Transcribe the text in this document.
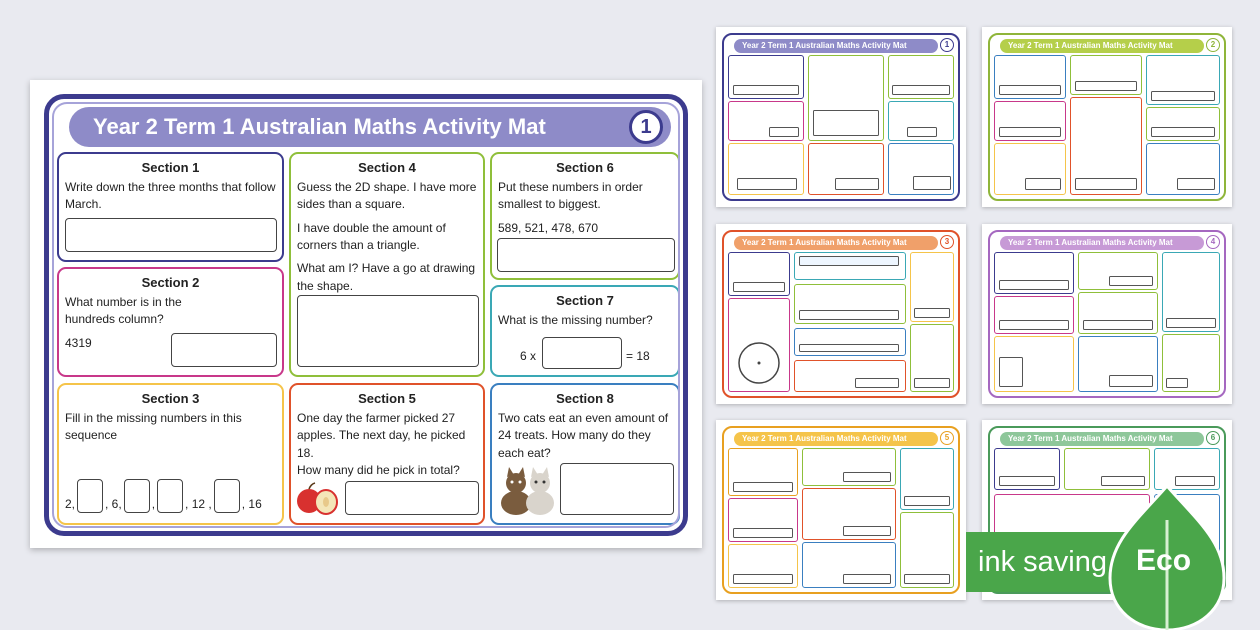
Year 2 Term 1 Australian Maths Activity Mat	1
Section 1

Write down the three months that follow March.

Section 2

What number is in the hundreds column?

4319

Section 3

Fill in the missing numbers in this sequence

2,	, 6,	,	, 12 ,	, 16
Section 4

Guess the 2D shape. I have more sides than a square.

I have double the amount of corners than a triangle.

What am I? Have a go at drawing the shape.

Section 5

One day the farmer picked 27 apples. The next day, he picked 18.

How many did he pick in total?

Section 6

Put these numbers in order smallest to biggest.

589, 521, 478, 670

Section 7

What is the missing number?

6 x	= 18
Section 8

Two cats eat an even amount of 24 treats. How many do they each eat?

Year 2 Term 1 Australian Maths Activity Mat	1	Year 2 Term 1 Australian Maths Activity Mat	2
Year 2 Term 1 Australian Maths Activity Mat	3	Year 2 Term 1 Australian Maths Activity Mat	4
Year 2 Term 1 Australian Maths Activity Mat	5	Year 2 Term 1 Australian Maths Activity Mat	6
ink saving Eco
